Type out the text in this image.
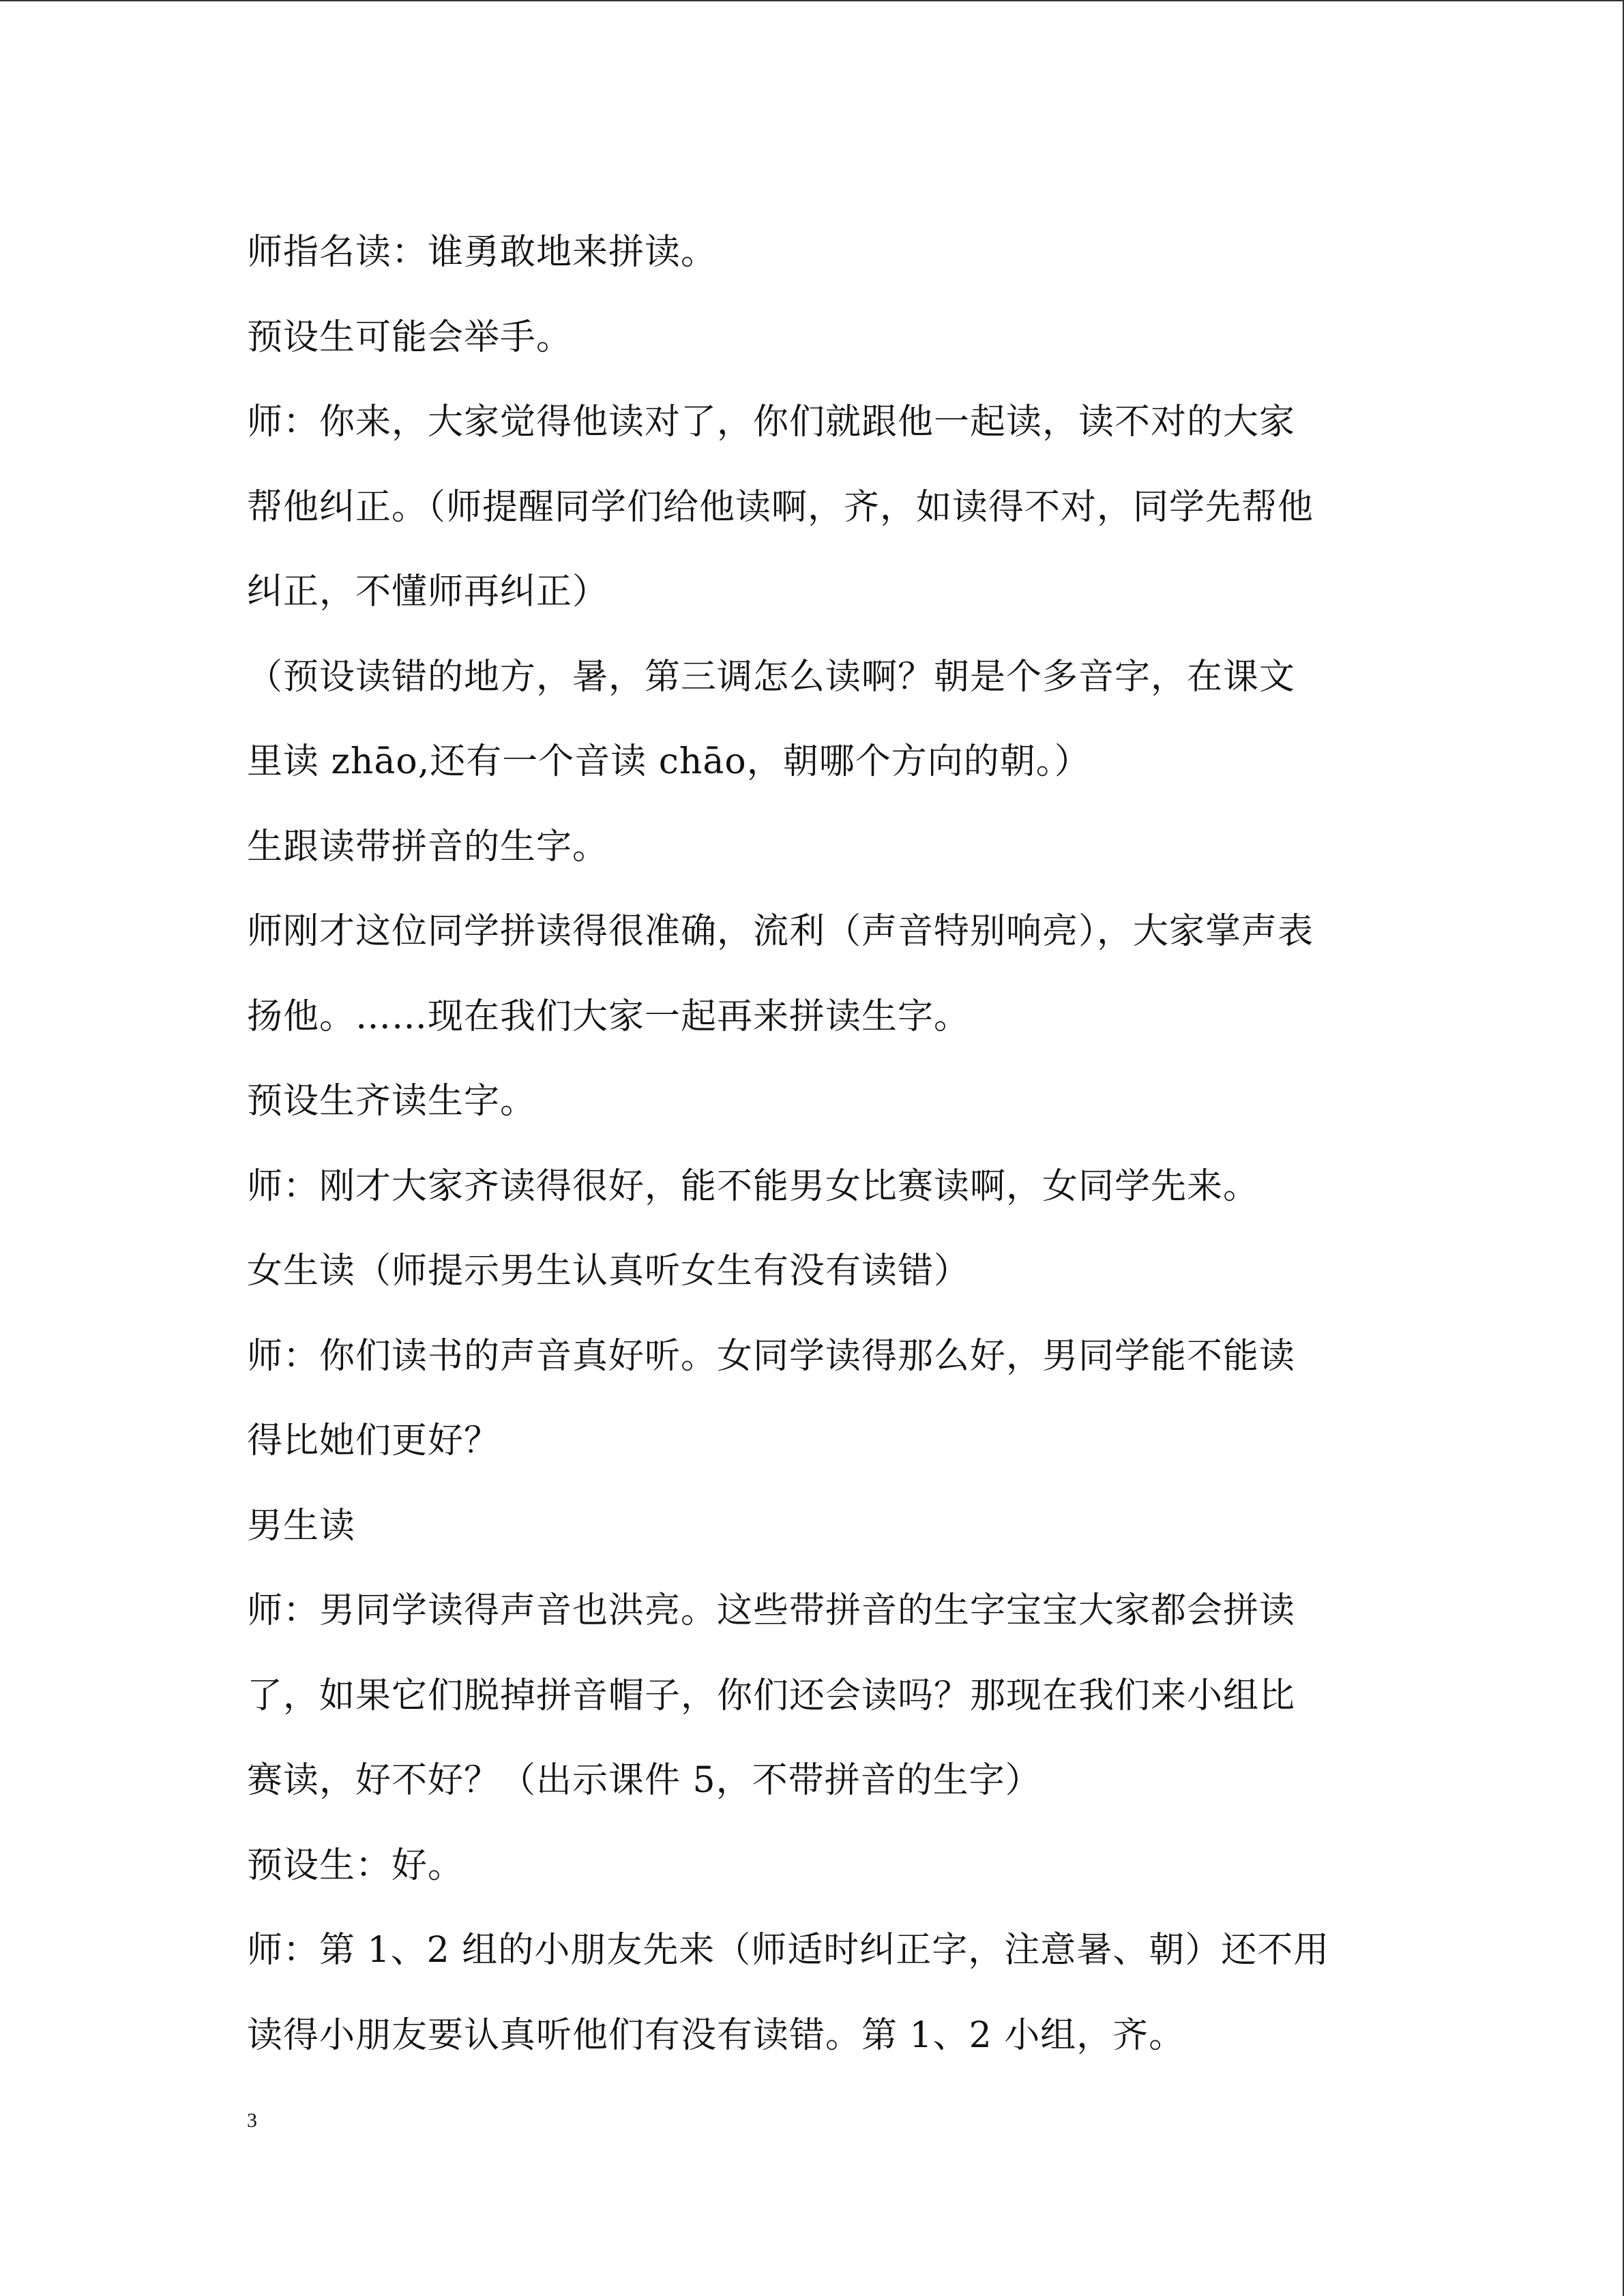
师指名读：谁勇敢地来拼读。
预设生可能会举手。
师：你来，大家觉得他读对了，你们就跟他一起读，读不对的大家
帮他纠正。（师提醒同学们给他读啊，齐，如读得不对，同学先帮他
纠正，不懂师再纠正）
（预设读错的地方，暑，第三调怎么读啊？朝是个多音字，在课文
里读 zhāo,还有一个音读 chāo，朝哪个方向的朝。）
生跟读带拼音的生字。
师刚才这位同学拼读得很准确，流利（声音特别响亮），大家掌声表
扬他。……现在我们大家一起再来拼读生字。
预设生齐读生字。
师：刚才大家齐读得很好，能不能男女比赛读啊，女同学先来。
女生读（师提示男生认真听女生有没有读错）
师：你们读书的声音真好听。女同学读得那么好，男同学能不能读
得比她们更好？
男生读
师：男同学读得声音也洪亮。这些带拼音的生字宝宝大家都会拼读
了，如果它们脱掉拼音帽子，你们还会读吗？那现在我们来小组比
赛读，好不好？（出示课件 5，不带拼音的生字）
预设生：好。
师：第 1、2 组的小朋友先来（师适时纠正字，注意暑、朝）还不用
读得小朋友要认真听他们有没有读错。第 1、2 小组，齐。
3
